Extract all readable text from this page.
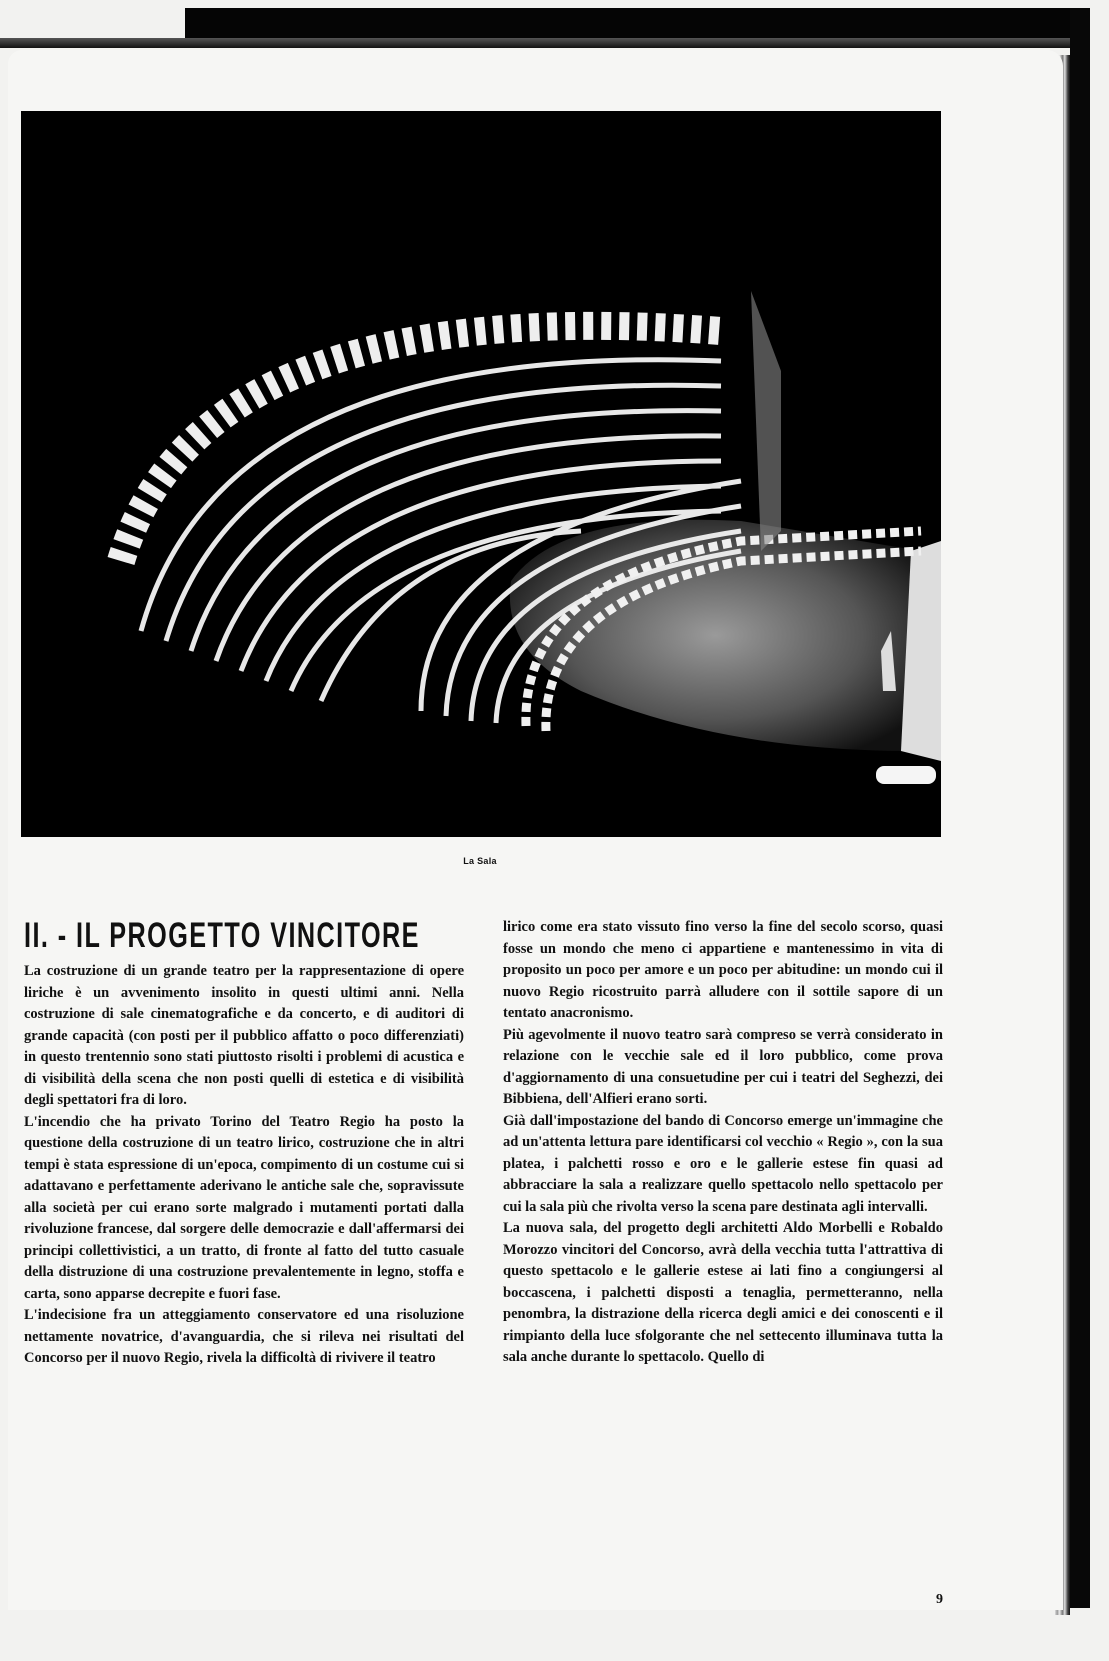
La Sala
II. - IL PROGETTO VINCITORE

La costruzione di un grande teatro per la rappresentazione di opere liriche è un avvenimento insolito in questi ultimi anni. Nella costruzione di sale cinematografiche e da concerto, e di auditori di grande capacità (con posti per il pubblico affatto o poco differenziati) in questo trentennio sono stati piuttosto risolti i problemi di acustica e di visibilità della scena che non posti quelli di estetica e di visibilità degli spettatori fra di loro.

L'incendio che ha privato Torino del Teatro Regio ha posto la questione della costruzione di un teatro lirico, costruzione che in altri tempi è stata espressione di un'epoca, compimento di un costume cui si adattavano e perfettamente aderivano le antiche sale che, sopravissute alla società per cui erano sorte malgrado i mutamenti portati dalla rivoluzione francese, dal sorgere delle democrazie e dall'affermarsi dei principi collettivistici, a un tratto, di fronte al fatto del tutto casuale della distruzione di una costruzione prevalentemente in legno, stoffa e carta, sono apparse decrepite e fuori fase.

L'indecisione fra un atteggiamento conservatore ed una risoluzione nettamente novatrice, d'avanguardia, che si rileva nei risultati del Concorso per il nuovo Regio, rivela la difficoltà di rivivere il teatro

lirico come era stato vissuto fino verso la fine del secolo scorso, quasi fosse un mondo che meno ci appartiene e mantenessimo in vita di proposito un poco per amore e un poco per abitudine: un mondo cui il nuovo Regio ricostruito parrà alludere con il sottile sapore di un tentato anacronismo.

Più agevolmente il nuovo teatro sarà compreso se verrà considerato in relazione con le vecchie sale ed il loro pubblico, come prova d'aggiornamento di una consuetudine per cui i teatri del Seghezzi, dei Bibbiena, dell'Alfieri erano sorti.

Già dall'impostazione del bando di Concorso emerge un'immagine che ad un'attenta lettura pare identificarsi col vecchio « Regio », con la sua platea, i palchetti rosso e oro e le gallerie estese fin quasi ad abbracciare la sala a realizzare quello spettacolo nello spettacolo per cui la sala più che rivolta verso la scena pare destinata agli intervalli.

La nuova sala, del progetto degli architetti Aldo Morbelli e Robaldo Morozzo vincitori del Concorso, avrà della vecchia tutta l'attrattiva di questo spettacolo e le gallerie estese ai lati fino a congiungersi al boccascena, i palchetti disposti a tenaglia, permetteranno, nella penombra, la distrazione della ricerca degli amici e dei conoscenti e il rimpianto della luce sfolgorante che nel settecento illuminava tutta la sala anche durante lo spettacolo. Quello di

9
